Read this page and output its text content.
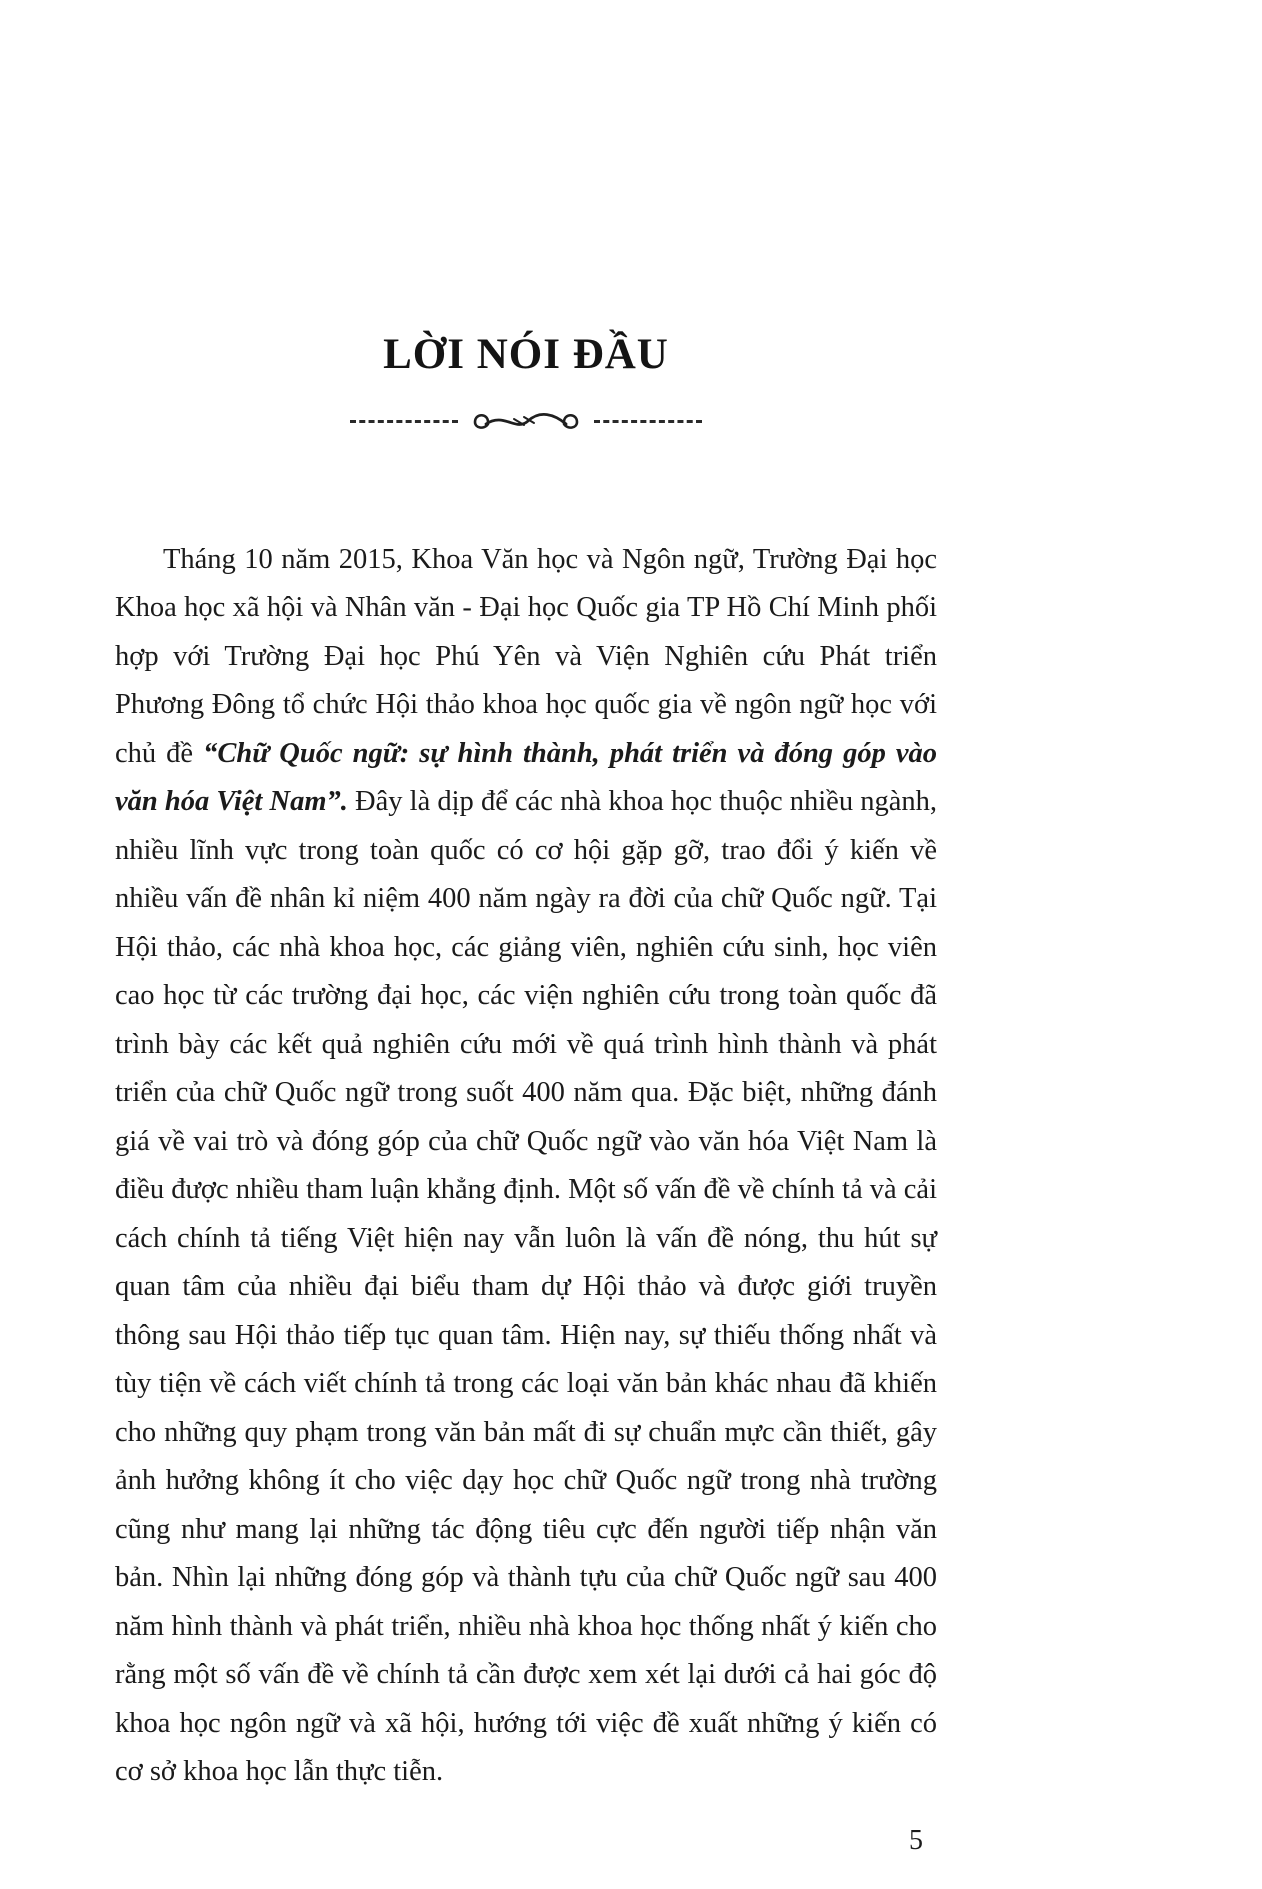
LỜI NÓI ĐẦU

Tháng 10 năm 2015, Khoa Văn học và Ngôn ngữ, Trường Đại học Khoa học xã hội và Nhân văn - Đại học Quốc gia TP Hồ Chí Minh phối hợp với Trường Đại học Phú Yên và Viện Nghiên cứu Phát triển Phương Đông tổ chức Hội thảo khoa học quốc gia về ngôn ngữ học với chủ đề “Chữ Quốc ngữ: sự hình thành, phát triển và đóng góp vào văn hóa Việt Nam”. Đây là dịp để các nhà khoa học thuộc nhiều ngành, nhiều lĩnh vực trong toàn quốc có cơ hội gặp gỡ, trao đổi ý kiến về nhiều vấn đề nhân kỉ niệm 400 năm ngày ra đời của chữ Quốc ngữ. Tại Hội thảo, các nhà khoa học, các giảng viên, nghiên cứu sinh, học viên cao học từ các trường đại học, các viện nghiên cứu trong toàn quốc đã trình bày các kết quả nghiên cứu mới về quá trình hình thành và phát triển của chữ Quốc ngữ trong suốt 400 năm qua. Đặc biệt, những đánh giá về vai trò và đóng góp của chữ Quốc ngữ vào văn hóa Việt Nam là điều được nhiều tham luận khẳng định. Một số vấn đề về chính tả và cải cách chính tả tiếng Việt hiện nay vẫn luôn là vấn đề nóng, thu hút sự quan tâm của nhiều đại biểu tham dự Hội thảo và được giới truyền thông sau Hội thảo tiếp tục quan tâm. Hiện nay, sự thiếu thống nhất và tùy tiện về cách viết chính tả trong các loại văn bản khác nhau đã khiến cho những quy phạm trong văn bản mất đi sự chuẩn mực cần thiết, gây ảnh hưởng không ít cho việc dạy học chữ Quốc ngữ trong nhà trường cũng như mang lại những tác động tiêu cực đến người tiếp nhận văn bản. Nhìn lại những đóng góp và thành tựu của chữ Quốc ngữ sau 400 năm hình thành và phát triển, nhiều nhà khoa học thống nhất ý kiến cho rằng một số vấn đề về chính tả cần được xem xét lại dưới cả hai góc độ khoa học ngôn ngữ và xã hội, hướng tới việc đề xuất những ý kiến có cơ sở khoa học lẫn thực tiễn.

5
